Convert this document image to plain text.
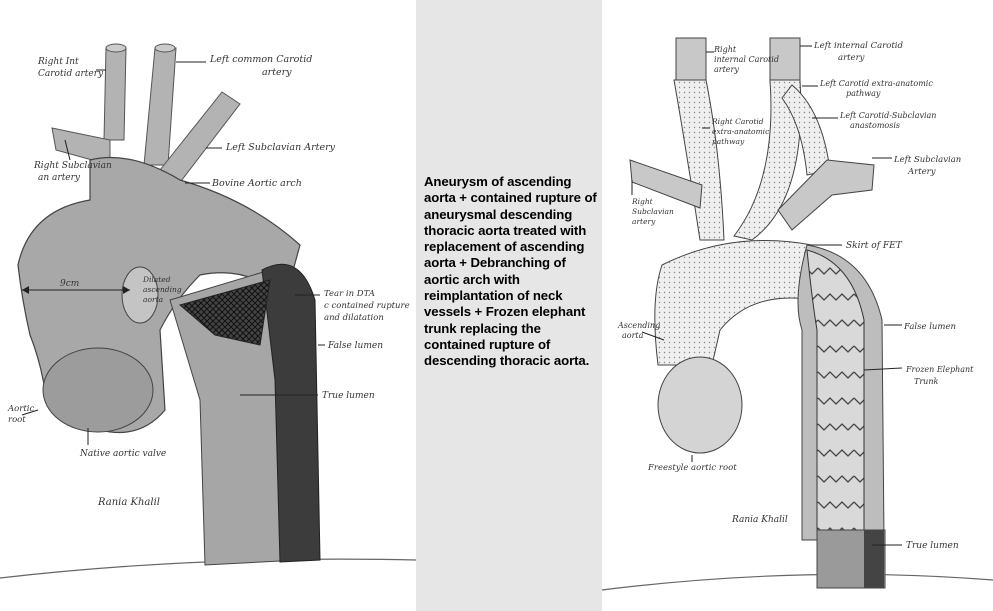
Right Int Carotid artery
Left common Carotid artery
Left Subclavian Artery
Right Subclavian an artery	Bovine Aortic arch
9cm	Dilated ascending aorta
Tear in DTA c contained rupture and dilatation
False lumen
True lumen
Aortic root
Native aortic valve
Rania Khalil
Aneurysm of ascending aorta + contained rupture of aneurysmal descending thoracic aorta treated with replacement of ascending aorta + Debranching of aortic arch with reimplantation of neck vessels + Frozen elephant trunk replacing the contained rupture of descending thoracic aorta.
Right internal Carotid artery
Left internal Carotid artery
Left Carotid extra-anatomic pathway
Left Carotid-Subclavian anastomosis
Right Carotid extra-anatomic pathway
Left Subclavian Artery
Right Subclavian artery
Skirt of FET
Ascending aorta
False lumen
Frozen Elephant Trunk
Freestyle aortic root
True lumen
Rania Khalil
